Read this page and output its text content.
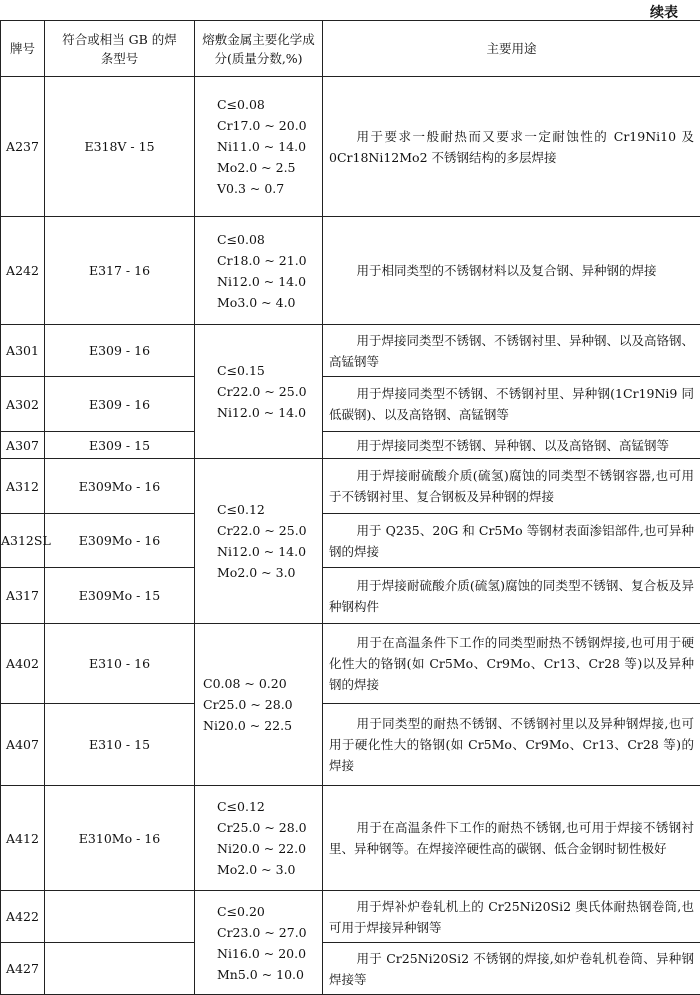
续表
牌号	符合或相当 GB 的焊条型号	熔敷金属主要化学成分(质量分数,%)	主要用途
A237	E318V - 15	C≤0.08
Cr17.0 ~ 20.0
Ni11.0 ~ 14.0
Mo2.0 ~ 2.5
V0.3 ~ 0.7	用于要求一般耐热而又要求一定耐蚀性的 Cr19Ni10 及 0Cr18Ni12Mo2 不锈钢结构的多层焊接
A242	E317 - 16	C≤0.08
Cr18.0 ~ 21.0
Ni12.0 ~ 14.0
Mo3.0 ~ 4.0	用于相同类型的不锈钢材料以及复合钢、异种钢的焊接
A301	E309 - 16	C≤0.15
Cr22.0 ~ 25.0
Ni12.0 ~ 14.0	用于焊接同类型不锈钢、不锈钢衬里、异种钢、以及高铬钢、高锰钢等
A302	E309 - 16		用于焊接同类型不锈钢、不锈钢衬里、异种钢(1Cr19Ni9 同低碳钢)、以及高铬钢、高锰钢等
A307	E309 - 15		用于焊接同类型不锈钢、异种钢、以及高铬钢、高锰钢等
A312	E309Mo - 16	C≤0.12
Cr22.0 ~ 25.0
Ni12.0 ~ 14.0
Mo2.0 ~ 3.0	用于焊接耐硫酸介质(硫氢)腐蚀的同类型不锈钢容器,也可用于不锈钢衬里、复合钢板及异种钢的焊接
A312SL	E309Mo - 16		用于 Q235、20G 和 Cr5Mo 等钢材表面渗铝部件,也可异种钢的焊接
A317	E309Mo - 15		用于焊接耐硫酸介质(硫氢)腐蚀的同类型不锈钢、复合板及异种钢构件
A402	E310 - 16	C0.08 ~ 0.20
Cr25.0 ~ 28.0
Ni20.0 ~ 22.5	用于在高温条件下工作的同类型耐热不锈钢焊接,也可用于硬化性大的铬钢(如 Cr5Mo、Cr9Mo、Cr13、Cr28 等)以及异种钢的焊接
A407	E310 - 15		用于同类型的耐热不锈钢、不锈钢衬里以及异种钢焊接,也可用于硬化性大的铬钢(如 Cr5Mo、Cr9Mo、Cr13、Cr28 等)的焊接
A412	E310Mo - 16	C≤0.12
Cr25.0 ~ 28.0
Ni20.0 ~ 22.0
Mo2.0 ~ 3.0	用于在高温条件下工作的耐热不锈钢,也可用于焊接不锈钢衬里、异种钢等。在焊接淬硬性高的碳钢、低合金钢时韧性极好
A422		C≤0.20
Cr23.0 ~ 27.0
Ni16.0 ~ 20.0
Mn5.0 ~ 10.0	用于焊补炉卷轧机上的 Cr25Ni20Si2 奥氏体耐热钢卷筒,也可用于焊接异种钢等
A427			用于 Cr25Ni20Si2 不锈钢的焊接,如炉卷轧机卷筒、异种钢焊接等
